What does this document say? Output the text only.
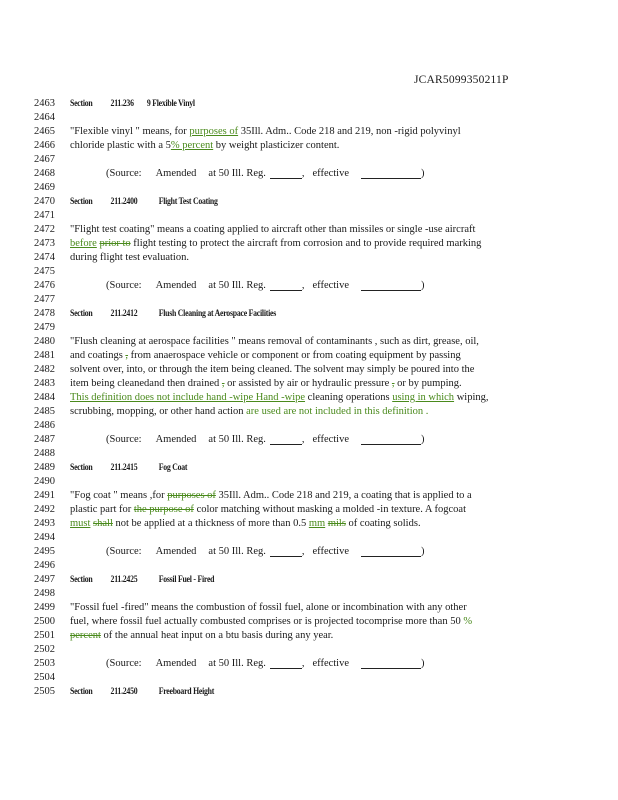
JCAR5099350211P
2463	Section 211.236 9 Flexible Vinyl
2464
2465	"Flexible vinyl " means, for purposes of 35Ill. Adm.. Code 218 and 219, non -rigid polyvinyl
2466	chloride plastic with a 5% percent by weight plasticizer content.
2467
2468	(Source: Amended at 50 Ill. Reg.	, effective	)
2469
2470	Section 211.2400 Flight Test Coating
2471
2472	"Flight test coating" means a coating applied to aircraft other than missiles or single -use aircraft
2473	before prior to flight testing to protect the aircraft from corrosion and to provide required marking
2474	during flight test evaluation.
2475
2476	(Source: Amended at 50 Ill. Reg.	, effective	)
2477
2478	Section 211.2412 Flush Cleaning at Aerospace Facilities
2479
2480	"Flush cleaning at aerospace facilities " means removal of contaminants , such as dirt, grease, oil,
2481	and coatings , from anaerospace vehicle or component or from coating equipment by passing
2482	solvent over, into, or through the item being cleaned. The solvent may simply be poured into the
2483	item being cleanedand then drained , or assisted by air or hydraulic pressure , or by pumping.
2484	This definition does not include hand -wipe Hand -wipe cleaning operations using in which wiping,
2485	scrubbing, mopping, or other hand action are used are not included in this definition .
2486
2487	(Source: Amended at 50 Ill. Reg.	, effective	)
2488
2489	Section 211.2415 Fog Coat
2490
2491	"Fog coat " means ,for purposes of 35Ill. Adm.. Code 218 and 219, a coating that is applied to a
2492	plastic part for the purpose of color matching without masking a molded -in texture. A fogcoat
2493	must shall not be applied at a thickness of more than 0.5 mm mils of coating solids.
2494
2495	(Source: Amended at 50 Ill. Reg.	, effective	)
2496
2497	Section 211.2425 Fossil Fuel - Fired
2498
2499	"Fossil fuel -fired" means the combustion of fossil fuel, alone or incombination with any other
2500	fuel, where fossil fuel actually combusted comprises or is projected tocomprise more than 50 %
2501	percent of the annual heat input on a btu basis during any year.
2502
2503	(Source: Amended at 50 Ill. Reg.	, effective	)
2504
2505	Section 211.2450 Freeboard Height
